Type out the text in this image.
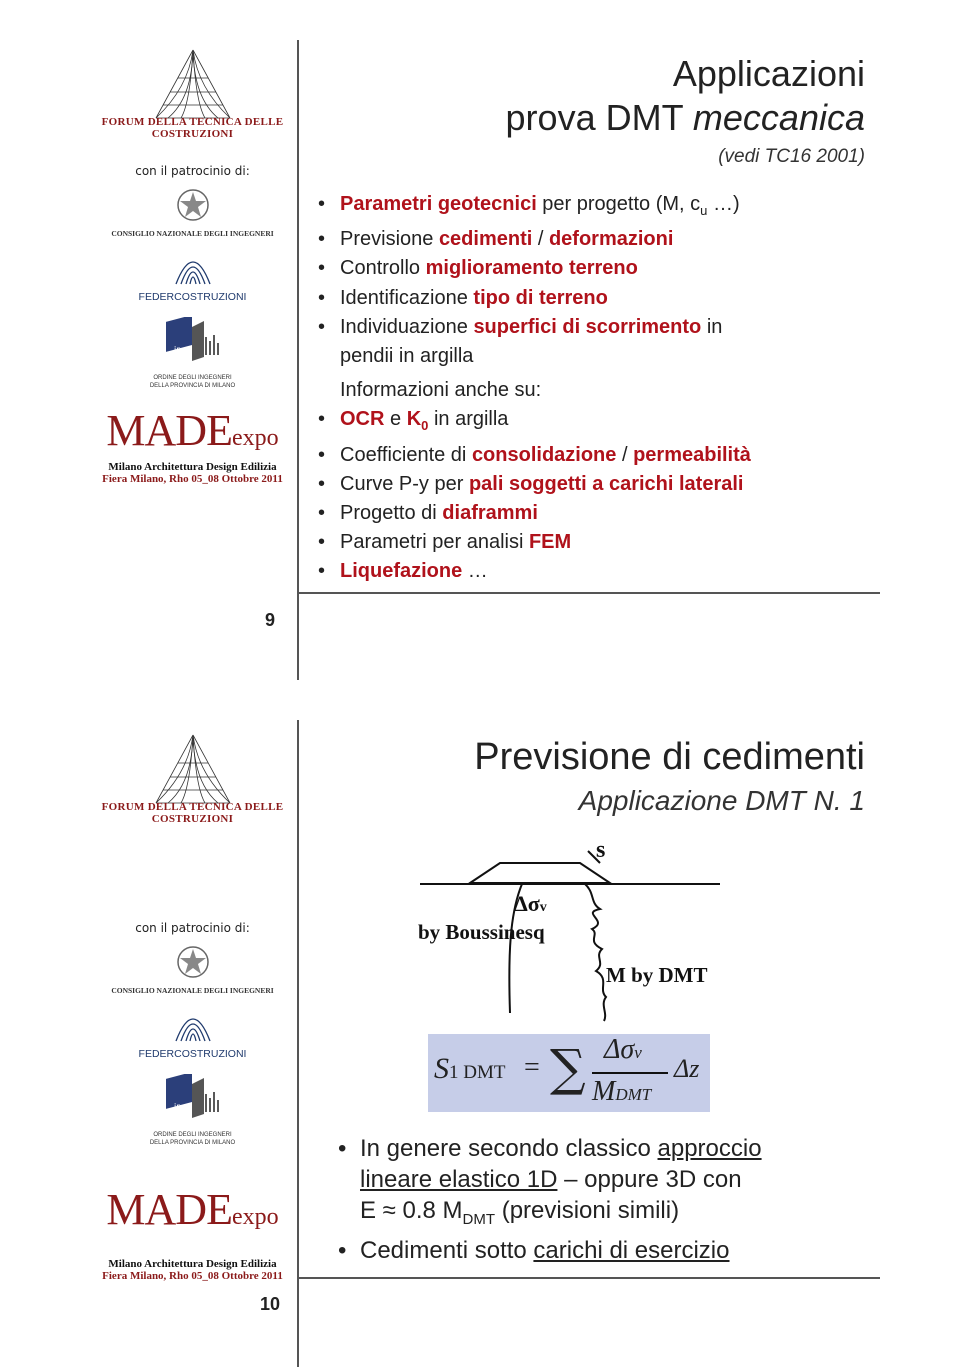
FORUM DELLA TECNICA DELLE COSTRUZIONI
con il patrocinio di:
CONSIGLIO NAZIONALE DEGLI INGEGNERI
FEDERCOSTRUZIONI
ing
ORDINE DEGLI INGEGNERI
DELLA PROVINCIA DI MILANO
MADEexpo
Milano Architettura Design Edilizia
Fiera Milano, Rho 05_08 Ottobre 2011
9
Applicazioni
prova DMT meccanica
(vedi TC16 2001)
• Parametri geotecnici per progetto (M, $c_u$ …)
• Previsione cedimenti / deformazioni
• Controllo miglioramento terreno
• Identificazione tipo di terreno
• Individuazione superfici di scorrimento in
pendii in argilla
Informazioni anche su:
• OCR e $K_0$ in argilla
• Coefficiente di consolidazione / permeabilità
• Curve P-y per pali soggetti a carichi laterali
• Progetto di diaframmi
• Parametri per analisi FEM
• Liquefazione …
FORUM DELLA TECNICA DELLE COSTRUZIONI
con il patrocinio di:
CONSIGLIO NAZIONALE DEGLI INGEGNERI
FEDERCOSTRUZIONI
ing
ORDINE DEGLI INGEGNERI
DELLA PROVINCIA DI MILANO
MADEexpo
Milano Architettura Design Edilizia
Fiera Milano, Rho 05_08 Ottobre 2011
10
Previsione di cedimenti
Applicazione DMT N. 1
s
Δσv
by Boussinesq
M by DMT
S1 DMT = ∑ Δσv
MDMT
Δz
• In genere secondo classico approccio
lineare elastico 1D – oppure 3D con
E ≈ 0.8 $M_{DMT}$ (previsioni simili)
• Cedimenti sotto carichi di esercizio
